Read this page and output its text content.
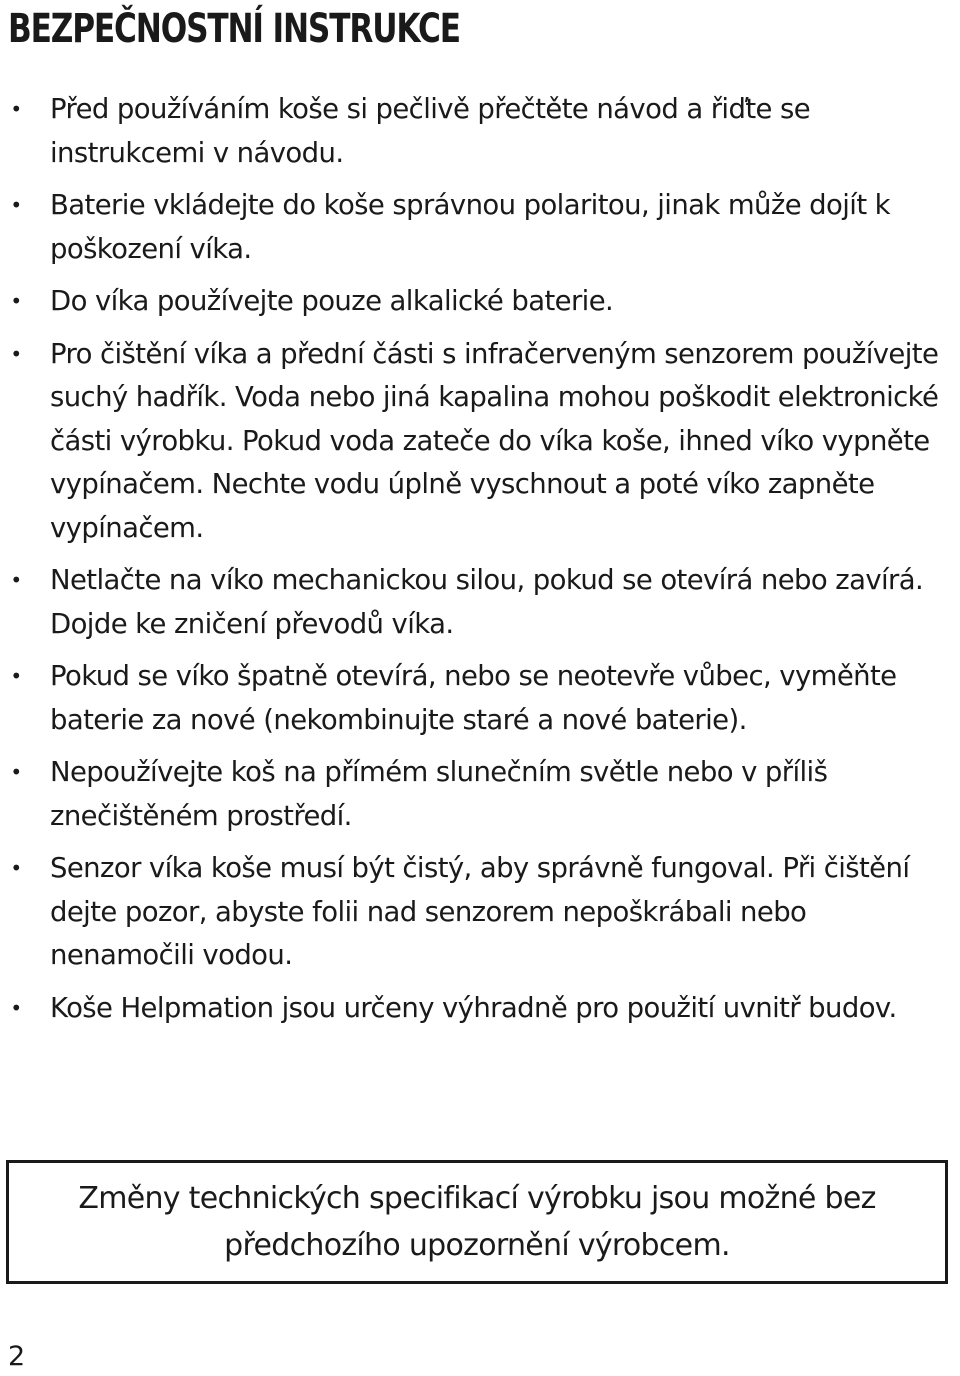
BEZPEČNOSTNÍ INSTRUKCE
• Před používáním koše si pečlivě přečtěte návod a řiďte se instrukcemi v návodu.
• Baterie vkládejte do koše správnou polaritou, jinak může dojít k poškození víka.
• Do víka používejte pouze alkalické baterie.
• Pro čištění víka a přední části s infračerveným senzorem používejte suchý hadřík. Voda nebo jiná kapalina mohou poškodit elektronické části výrobku. Pokud voda zateče do víka koše, ihned víko vypněte vypínačem. Nechte vodu úplně vyschnout a poté víko zapněte vypínačem.
• Netlačte na víko mechanickou silou, pokud se otevírá nebo zavírá. Dojde ke zničení převodů víka.
• Pokud se víko špatně otevírá, nebo se neotevře vůbec, vyměňte baterie za nové (nekombinujte staré a nové baterie).
• Nepoužívejte koš na přímém slunečním světle nebo v příliš znečištěném prostředí.
• Senzor víka koše musí být čistý, aby správně fungoval. Při čištění dejte pozor, abyste folii nad senzorem nepoškrábali nebo nenamočili vodou.
• Koše Helpmation jsou určeny výhradně pro použití uvnitř budov.

Změny technických specifikací výrobku jsou možné bez
předchozího upozornění výrobcem.

2
